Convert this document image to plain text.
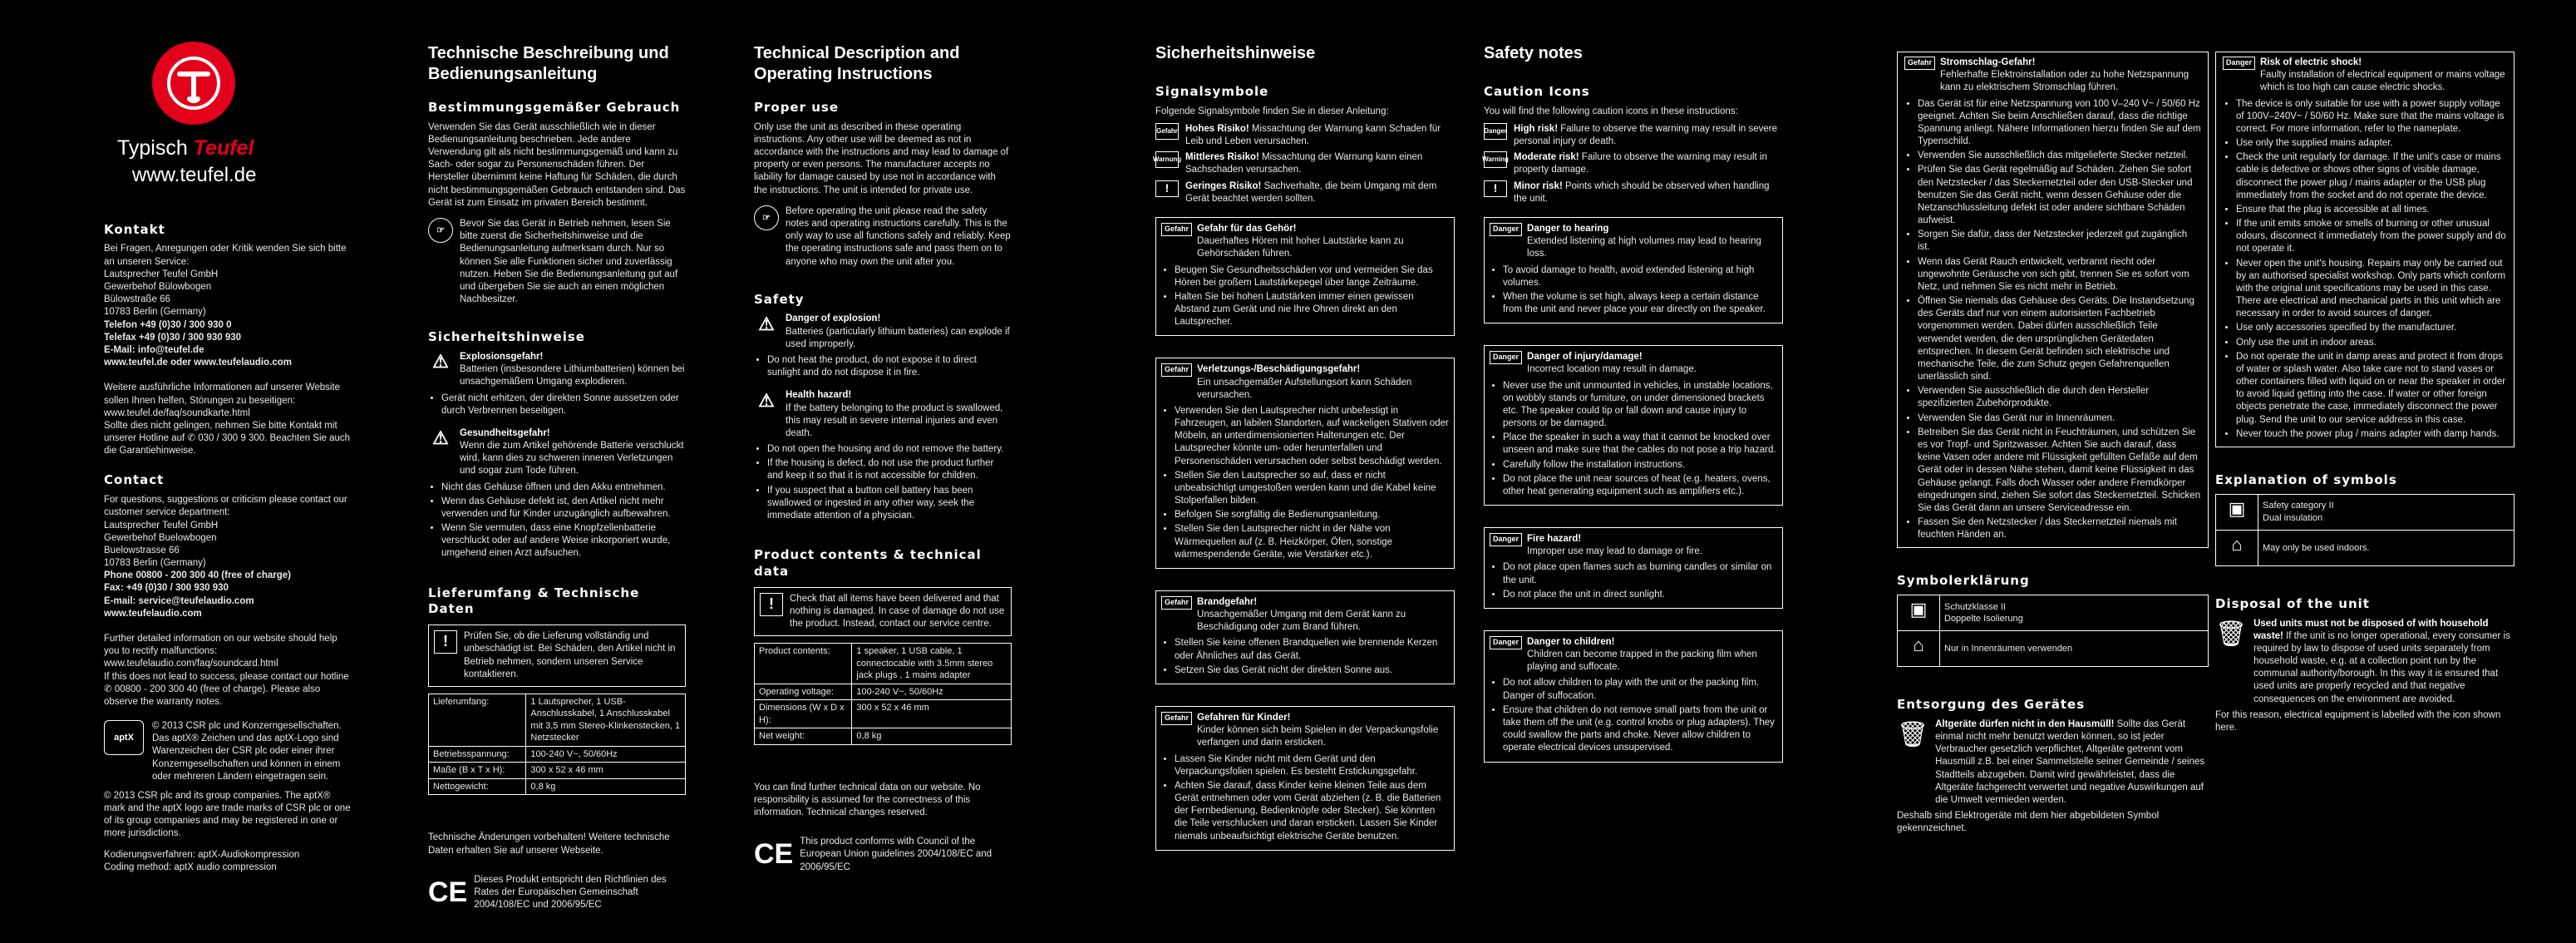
Typisch Teufel
www.teufel.de
Kontakt
Bei Fragen, Anregungen oder Kritik wenden Sie sich bitte an unseren Service:
Lautsprecher Teufel GmbH
Gewerbehof Bülowbogen
Bülowstraße 66
10783 Berlin (Germany)
Telefon +49 (0)30 / 300 930 0
Telefax +49 (0)30 / 300 930 930
E-Mail: info@teufel.de
www.teufel.de oder www.teufelaudio.com

Weitere ausführliche Informationen auf unserer Website sollen Ihnen helfen, Störungen zu beseitigen: www.teufel.de/faq/soundkarte.html
Sollte dies nicht gelingen, nehmen Sie bitte Kontakt mit unserer Hotline auf ✆ 030 / 300 9 300. Beachten Sie auch die Garantiehinweise.
Contact
For questions, suggestions or criticism please contact our customer service department:
Lautsprecher Teufel GmbH
Gewerbehof Buelowbogen
Buelowstrasse 66
10783 Berlin (Germany)
Phone 00800 - 200 300 40 (free of charge)
Fax: +49 (0)30 / 300 930 930
E-mail: service@teufelaudio.com
www.teufelaudio.com

Further detailed information on our website should help you to rectify malfunctions: www.teufelaudio.com/faq/soundcard.html
If this does not lead to success, please contact our hotline ✆ 00800 - 200 300 40 (free of charge). Please also observe the warranty notes.
aptX
© 2013 CSR plc und Konzerngesellschaften. Das aptX® Zeichen und das aptX-Logo sind Warenzeichen der CSR plc oder einer ihrer Konzerngesellschaften und können in einem oder mehreren Ländern eingetragen sein.
© 2013 CSR plc and its group companies. The aptX® mark and the aptX logo are trade marks of CSR plc or one of its group companies and may be registered in one or more jurisdictions.
Kodierungsverfahren: aptX-Audiokompression
Coding method: aptX audio compression
Technische Beschreibung und Bedienungsanleitung
Bestimmungsgemäßer Gebrauch
Verwenden Sie das Gerät ausschließlich wie in dieser Bedienungsanleitung beschrieben. Jede andere Verwendung gilt als nicht bestimmungsgemäß und kann zu Sach- oder sogar zu Personenschäden führen. Der Hersteller übernimmt keine Haftung für Schäden, die durch nicht bestimmungsgemäßen Gebrauch entstanden sind. Das Gerät ist zum Einsatz im privaten Bereich bestimmt.
☞
Bevor Sie das Gerät in Betrieb nehmen, lesen Sie bitte zuerst die Sicherheitshinweise und die Bedienungsanleitung aufmerksam durch. Nur so können Sie alle Funktionen sicher und zuverlässig nutzen. Heben Sie die Bedienungsanleitung gut auf und übergeben Sie sie auch an einen möglichen Nachbesitzer.
Sicherheitshinweise
⚠	Explosionsgefahr!
Batterien (insbesondere Lithiumbatterien) können bei unsachgemäßem Umgang explodieren.
• Gerät nicht erhitzen, der direkten Sonne aussetzen oder durch Verbrennen beseitigen.
⚠	Gesundheitsgefahr!
Wenn die zum Artikel gehörende Batterie verschluckt wird, kann dies zu schweren inneren Verletzungen und sogar zum Tode führen.
• Nicht das Gehäuse öffnen und den Akku entnehmen.
• Wenn das Gehäuse defekt ist, den Artikel nicht mehr verwenden und für Kinder unzugänglich aufbewahren.
• Wenn Sie vermuten, dass eine Knopfzellenbatterie verschluckt oder auf andere Weise inkorporiert wurde, umgehend einen Arzt aufsuchen.
Lieferumfang & Technische Daten
!	Prüfen Sie, ob die Lieferung vollständig und unbeschädigt ist. Bei Schäden, den Artikel nicht in Betrieb nehmen, sondern unseren Service kontaktieren.
Lieferumfang:	1 Lautsprecher, 1 USB-Anschlusskabel, 1 Anschlusskabel mit 3,5 mm Stereo-Klinkenstecken, 1 Netzstecker
Betriebsspannung:	100-240 V~, 50/60Hz
Maße (B x T x H):	300 x 52 x 46 mm
Nettogewicht:	0,8 kg
Technische Änderungen vorbehalten! Weitere technische Daten erhalten Sie auf unserer Webseite.
CE Dieses Produkt entspricht den Richtlinien des Rates der Europäischen Gemeinschaft 2004/108/EC und 2006/95/EC
Technical Description and Operating Instructions
Proper use
Only use the unit as described in these operating instructions. Any other use will be deemed as not in accordance with the instructions and may lead to damage of property or even persons. The manufacturer accepts no liability for damage caused by use not in accordance with the instructions. The unit is intended for private use.
☞
Before operating the unit please read the safety notes and operating instructions carefully. This is the only way to use all functions safely and reliably. Keep the operating instructions safe and pass them on to anyone who may own the unit after you.
Safety
⚠	Danger of explosion!
Batteries (particularly lithium batteries) can explode if used improperly.
• Do not heat the product, do not expose it to direct sunlight and do not dispose it in fire.
⚠	Health hazard!
If the battery belonging to the product is swallowed, this may result in severe internal injuries and even death.
• Do not open the housing and do not remove the battery.
• If the housing is defect, do not use the product further and keep it so that it is not accessible for children.
• If you suspect that a button cell battery has been swallowed or ingested in any other way, seek the immediate attention of a physician.
Product contents & technical data
!	Check that all items have been delivered and that nothing is damaged. In case of damage do not use the product. Instead, contact our service centre.
Product contents:	1 speaker, 1 USB cable, 1 connectocable with 3.5mm stereo jack plugs , 1 mains adapter
Operating voltage:	100-240 V~, 50/60Hz
Dimensions (W x D x H):	300 x 52 x 46 mm
Net weight:	0,8 kg
You can find further technical data on our website. No responsibility is assumed for the correctness of this information. Technical changes reserved.
CE This product conforms with Council of the European Union guidelines 2004/108/EC and 2006/95/EC
Sicherheitshinweise
Signalsymbole
Folgende Signalsymbole finden Sie in dieser Anleitung:
Gefahr Hohes Risiko! Missachtung der Warnung kann Schaden für Leib und Leben verursachen.
Warnung Mittleres Risiko! Missachtung der Warnung kann einen Sachschaden verursachen.
!	Geringes Risiko! Sachverhalte, die beim Umgang mit dem Gerät beachtet werden sollten.
Gefahr Gefahr für das Gehör!
Dauerhaftes Hören mit hoher Lautstärke kann zu Gehörschäden führen.
• Beugen Sie Gesundheitsschäden vor und vermeiden Sie das Hören bei großem Lautstärkepegel über lange Zeiträume.
• Halten Sie bei hohen Lautstärken immer einen gewissen Abstand zum Gerät und nie Ihre Ohren direkt an den Lautsprecher.
Gefahr Verletzungs-/Beschädigungsgefahr!
Ein unsachgemäßer Aufstellungsort kann Schäden verursachen.
• Verwenden Sie den Lautsprecher nicht unbefestigt in Fahrzeugen, an labilen Standorten, auf wackeligen Stativen oder Möbeln, an unterdimensionierten Halterungen etc. Der Lautsprecher könnte um- oder herunterfallen und Personenschäden verursachen oder selbst beschädigt werden.
• Stellen Sie den Lautsprecher so auf, dass er nicht unbeabsichtigt umgestoßen werden kann und die Kabel keine Stolperfallen bilden.
• Befolgen Sie sorgfältig die Bedienungsanleitung.
• Stellen Sie den Lautsprecher nicht in der Nähe von Wärmequellen auf (z. B. Heizkörper, Öfen, sonstige wärmespendende Geräte, wie Verstärker etc.).
Gefahr Brandgefahr!
Unsachgemäßer Umgang mit dem Gerät kann zu Beschädigung oder zum Brand führen.
• Stellen Sie keine offenen Brandquellen wie brennende Kerzen oder Ähnliches auf das Gerät.
• Setzen Sie das Gerät nicht der direkten Sonne aus.
Gefahr Gefahren für Kinder!
Kinder können sich beim Spielen in der Verpackungsfolie verfangen und darin ersticken.
• Lassen Sie Kinder nicht mit dem Gerät und den Verpackungsfolien spielen. Es besteht Erstickungsgefahr.
• Achten Sie darauf, dass Kinder keine kleinen Teile aus dem Gerät entnehmen oder vom Gerät abziehen (z. B. die Batterien der Fernbedienung, Bedienknöpfe oder Stecker). Sie könnten die Teile verschlucken und daran ersticken. Lassen Sie Kinder niemals unbeaufsichtigt elektrische Geräte benutzen.
Safety notes
Caution Icons
You will find the following caution icons in these instructions:
Danger High risk! Failure to observe the warning may result in severe personal injury or death.
Warning Moderate risk! Failure to observe the warning may result in property damage.
!	Minor risk! Points which should be observed when handling the unit.
Danger Danger to hearing
Extended listening at high volumes may lead to hearing loss.
• To avoid damage to health, avoid extended listening at high volumes.
• When the volume is set high, always keep a certain distance from the unit and never place your ear directly on the speaker.
Danger Danger of injury/damage!
Incorrect location may result in damage.
• Never use the unit unmounted in vehicles, in unstable locations, on wobbly stands or furniture, on under dimensioned brackets etc. The speaker could tip or fall down and cause injury to persons or be damaged.
• Place the speaker in such a way that it cannot be knocked over unseen and make sure that the cables do not pose a trip hazard.
• Carefully follow the installation instructions.
• Do not place the unit near sources of heat (e.g. heaters, ovens, other heat generating equipment such as amplifiers etc.).
Danger Fire hazard!
Improper use may lead to damage or fire.
• Do not place open flames such as burning candles or similar on the unit.
• Do not place the unit in direct sunlight.
Danger Danger to children!
Children can become trapped in the packing film when playing and suffocate.
• Do not allow children to play with the unit or the packing film. Danger of suffocation.
• Ensure that children do not remove small parts from the unit or take them off the unit (e.g. control knobs or plug adapters). They could swallow the parts and choke. Never allow children to operate electrical devices unsupervised.
Gefahr Stromschlag-Gefahr!
Fehlerhafte Elektroinstallation oder zu hohe Netzspannung kann zu elektrischem Stromschlag führen.
• Das Gerät ist für eine Netzspannung von 100 V–240 V~ / 50/60 Hz geeignet. Achten Sie beim Anschließen darauf, dass die richtige Spannung anliegt. Nähere Informationen hierzu finden Sie auf dem Typenschild.
• Verwenden Sie ausschließlich das mitgelieferte Stecker netzteil.
• Prüfen Sie das Gerät regelmäßig auf Schäden. Ziehen Sie sofort den Netzstecker / das Steckernetzteil oder den USB-Stecker und benutzen Sie das Gerät nicht, wenn dessen Gehäuse oder die Netzanschlussleitung defekt ist oder andere sichtbare Schäden aufweist.
• Sorgen Sie dafür, dass der Netzstecker jederzeit gut zugänglich ist.
• Wenn das Gerät Rauch entwickelt, verbrannt riecht oder ungewohnte Geräusche von sich gibt, trennen Sie es sofort vom Netz, und nehmen Sie es nicht mehr in Betrieb.
• Öffnen Sie niemals das Gehäuse des Geräts. Die Instandsetzung des Geräts darf nur von einem autorisierten Fachbetrieb vorgenommen werden. Dabei dürfen ausschließlich Teile verwendet werden, die den ursprünglichen Gerätedaten entsprechen. In diesem Gerät befinden sich elektrische und mechanische Teile, die zum Schutz gegen Gefahrenquellen unerlässlich sind.
• Verwenden Sie ausschließlich die durch den Hersteller spezifizierten Zubehörprodukte.
• Verwenden Sie das Gerät nur in Innenräumen.
• Betreiben Sie das Gerät nicht in Feuchträumen, und schützen Sie es vor Tropf- und Spritzwasser. Achten Sie auch darauf, dass keine Vasen oder andere mit Flüssigkeit gefüllten Gefäße auf dem Gerät oder in dessen Nähe stehen, damit keine Flüssigkeit in das Gehäuse gelangt. Falls doch Wasser oder andere Fremdkörper eingedrungen sind, ziehen Sie sofort das Steckernetzteil. Schicken Sie das Gerät dann an unsere Serviceadresse ein.
• Fassen Sie den Netzstecker / das Steckernetzteil niemals mit feuchten Händen an.
Symbolerklärung
▣	Schutzklasse II
Doppelte Isolierung
⌂	Nur in Innenräumen verwenden
Entsorgung des Gerätes
🗑 Altgeräte dürfen nicht in den Hausmüll! Sollte das Gerät einmal nicht mehr benutzt werden können, so ist jeder Verbraucher gesetzlich verpflichtet, Altgeräte getrennt vom Hausmüll z.B. bei einer Sammelstelle seiner Gemeinde / seines Stadtteils abzugeben. Damit wird gewährleistet, dass die Altgeräte fachgerecht verwertet und negative Auswirkungen auf die Umwelt vermieden werden.
Deshalb sind Elektrogeräte mit dem hier abgebildeten Symbol gekennzeichnet.
Danger Risk of electric shock!
Faulty installation of electrical equipment or mains voltage which is too high can cause electric shocks.
• The device is only suitable for use with a power supply voltage of 100V–240V~ / 50/60 Hz. Make sure that the mains voltage is correct. For more information, refer to the nameplate.
• Use only the supplied mains adapter.
• Check the unit regularly for damage. If the unit's case or mains cable is defective or shows other signs of visible damage, disconnect the power plug / mains adapter or the USB plug immediately from the socket and do not operate the device.
• Ensure that the plug is accessible at all times.
• If the unit emits smoke or smells of burning or other unusual odours, disconnect it immediately from the power supply and do not operate it.
• Never open the unit's housing. Repairs may only be carried out by an authorised specialist workshop. Only parts which conform with the original unit specifications may be used in this case. There are electrical and mechanical parts in this unit which are necessary in order to avoid sources of danger.
• Use only accessories specified by the manufacturer.
• Only use the unit in indoor areas.
• Do not operate the unit in damp areas and protect it from drops of water or splash water. Also take care not to stand vases or other containers filled with liquid on or near the speaker in order to avoid liquid getting into the case. If water or other foreign objects penetrate the case, immediately disconnect the power plug. Send the unit to our service address in this case.
• Never touch the power plug / mains adapter with damp hands.
Explanation of symbols
▣	Safety category II
Dual insulation
⌂	May only be used indoors.
Disposal of the unit
🗑 Used units must not be disposed of with household waste! If the unit is no longer operational, every consumer is required by law to dispose of used units separately from household waste, e.g. at a collection point run by the communal authority/borough. In this way it is ensured that used units are properly recycled and that negative consequences on the environment are avoided.
For this reason, electrical equipment is labelled with the icon shown here.
